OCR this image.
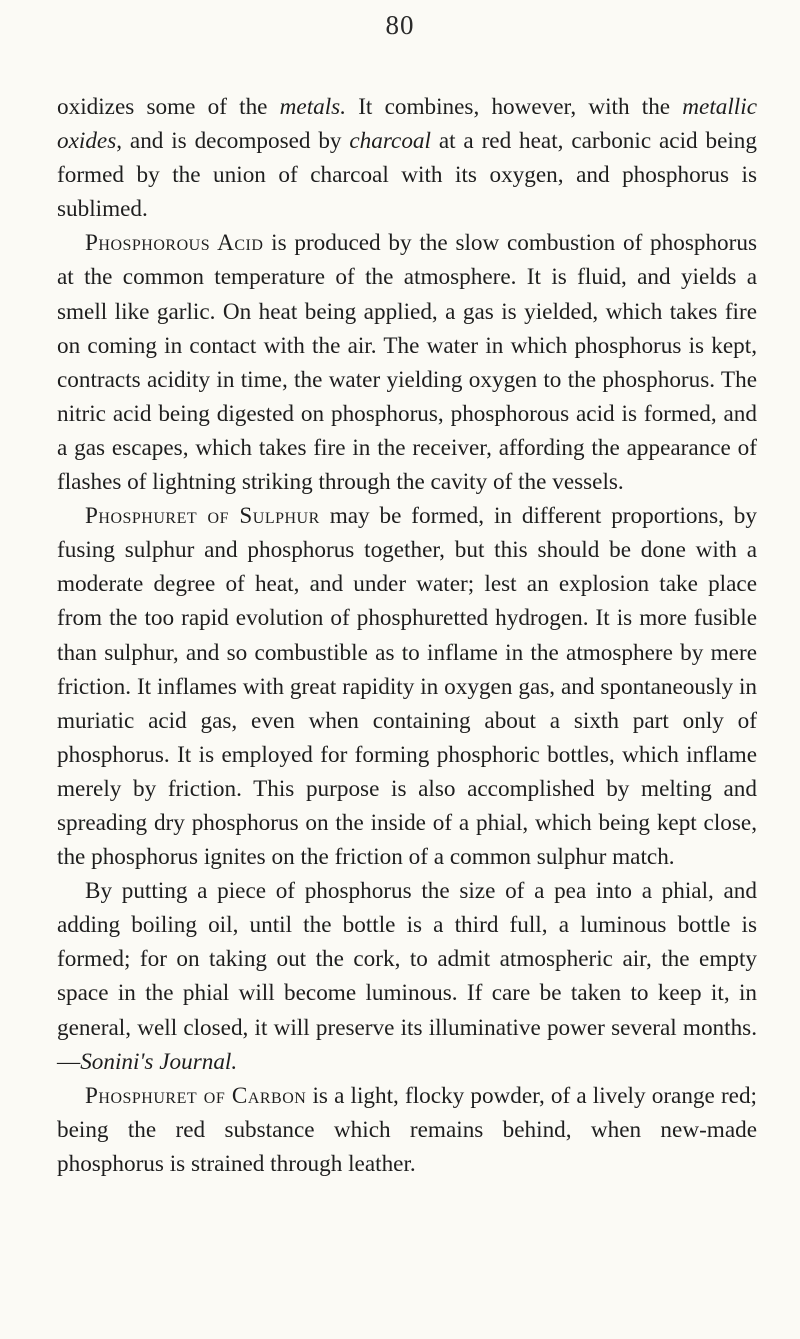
80

oxidizes some of the metals. It combines, however, with the metallic oxides, and is decomposed by charcoal at a red heat, carbonic acid being formed by the union of charcoal with its oxygen, and phosphorus is sublimed.

Phosphorous Acid is produced by the slow combustion of phosphorus at the common temperature of the atmosphere. It is fluid, and yields a smell like garlic. On heat being applied, a gas is yielded, which takes fire on coming in contact with the air. The water in which phosphorus is kept, contracts acidity in time, the water yielding oxygen to the phosphorus. The nitric acid being digested on phosphorus, phosphorous acid is formed, and a gas escapes, which takes fire in the receiver, affording the appearance of flashes of lightning striking through the cavity of the vessels.

Phosphuret of Sulphur may be formed, in different proportions, by fusing sulphur and phosphorus together, but this should be done with a moderate degree of heat, and under water; lest an explosion take place from the too rapid evolution of phosphuretted hydrogen. It is more fusible than sulphur, and so combustible as to inflame in the atmosphere by mere friction. It inflames with great rapidity in oxygen gas, and spontaneously in muriatic acid gas, even when containing about a sixth part only of phosphorus. It is employed for forming phosphoric bottles, which inflame merely by friction. This purpose is also accomplished by melting and spreading dry phosphorus on the inside of a phial, which being kept close, the phosphorus ignites on the friction of a common sulphur match.

By putting a piece of phosphorus the size of a pea into a phial, and adding boiling oil, until the bottle is a third full, a luminous bottle is formed; for on taking out the cork, to admit atmospheric air, the empty space in the phial will become luminous. If care be taken to keep it, in general, well closed, it will preserve its illuminative power several months. —Sonini's Journal.

Phosphuret of Carbon is a light, flocky powder, of a lively orange red; being the red substance which remains behind, when new-made phosphorus is strained through leather.
